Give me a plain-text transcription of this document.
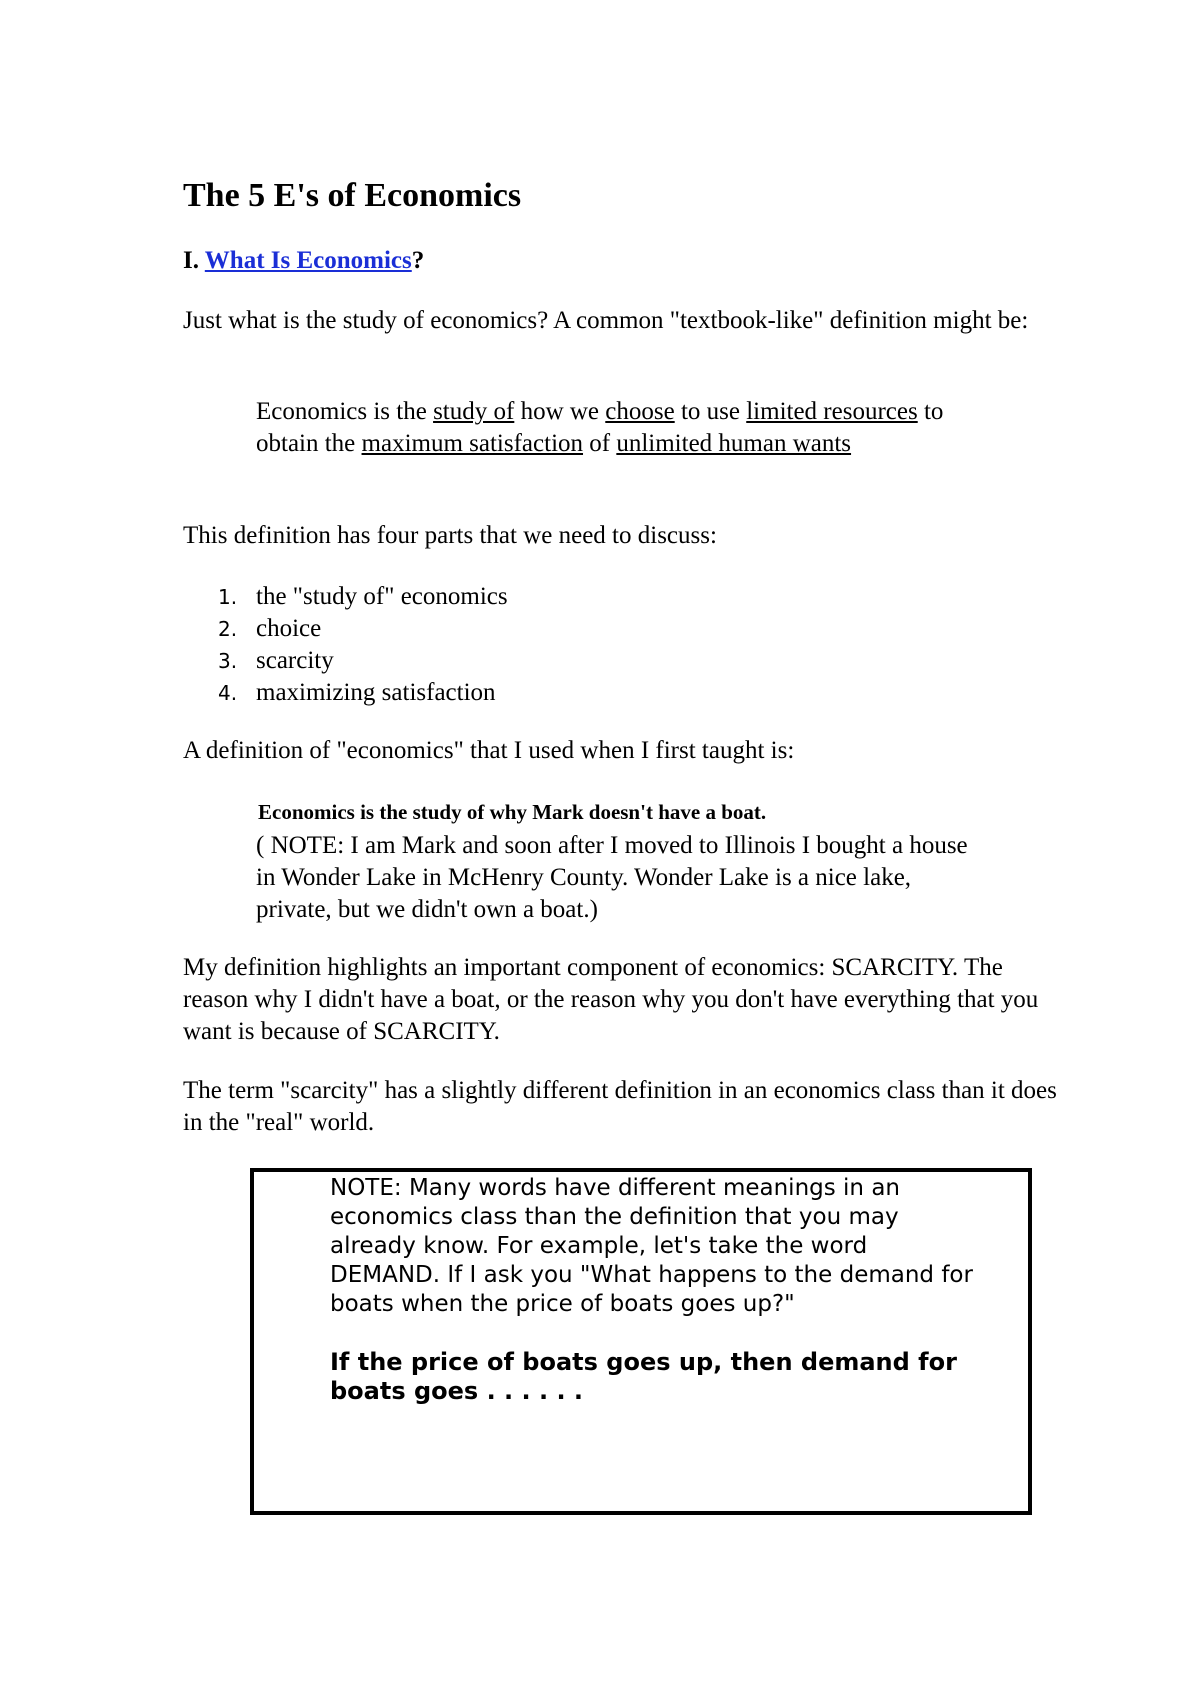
The 5 E's of Economics
I. What Is Economics?

Just what is the study of economics? A common "textbook-like" definition might be:

Economics is the study of how we choose to use limited resources to obtain the maximum satisfaction of unlimited human wants

This definition has four parts that we need to discuss:

1. the "study of" economics
2. choice
3. scarcity
4. maximizing satisfaction

A definition of "economics" that I used when I first taught is:

Economics is the study of why Mark doesn't have a boat.

( NOTE: I am Mark and soon after I moved to Illinois I bought a house in Wonder Lake in McHenry County. Wonder Lake is a nice lake, private, but we didn't own a boat.)

My definition highlights an important component of economics: SCARCITY. The reason why I didn't have a boat, or the reason why you don't have everything that you want is because of SCARCITY.

The term "scarcity" has a slightly different definition in an economics class than it does in the "real" world.

NOTE: Many words have different meanings in an economics class than the definition that you may already know. For example, let's take the word DEMAND. If I ask you "What happens to the demand for boats when the price of boats goes up?"
If the price of boats goes up, then demand for boats goes . . . . . .
